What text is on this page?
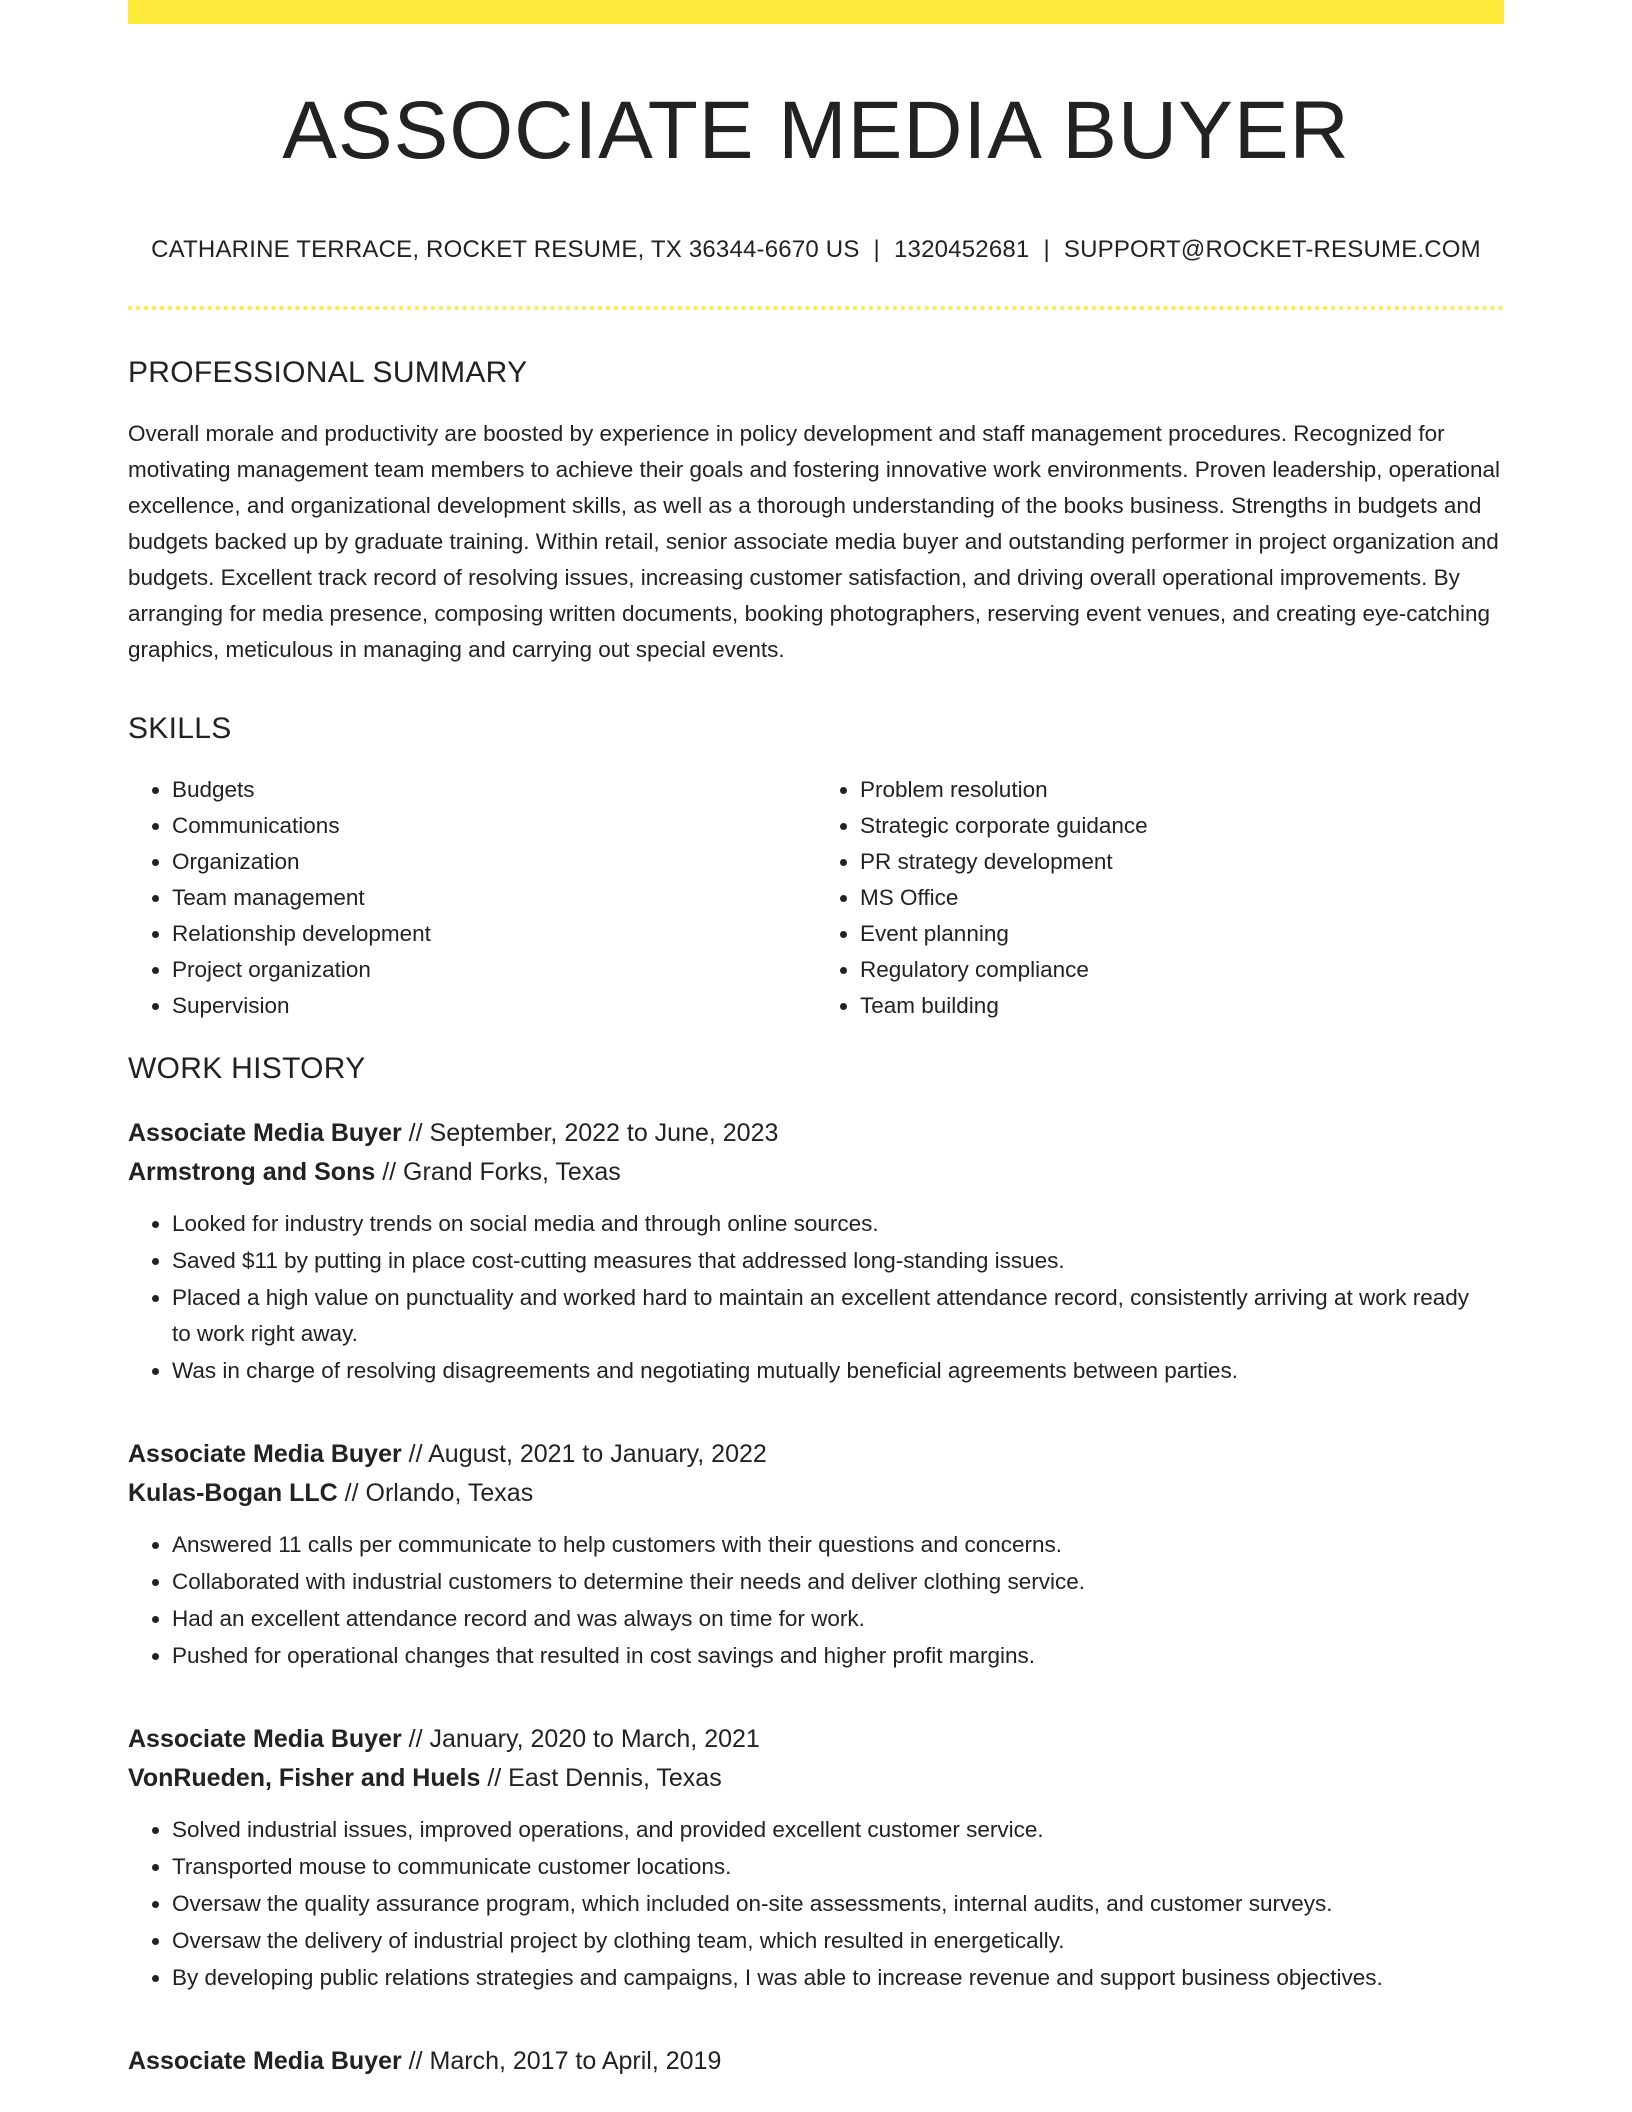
ASSOCIATE MEDIA BUYER
CATHARINE TERRACE, ROCKET RESUME, TX 36344-6670 US | 1320452681 | SUPPORT@ROCKET-RESUME.COM
PROFESSIONAL SUMMARY

Overall morale and productivity are boosted by experience in policy development and staff management procedures. Recognized for motivating management team members to achieve their goals and fostering innovative work environments. Proven leadership, operational excellence, and organizational development skills, as well as a thorough understanding of the books business. Strengths in budgets and budgets backed up by graduate training. Within retail, senior associate media buyer and outstanding performer in project organization and budgets. Excellent track record of resolving issues, increasing customer satisfaction, and driving overall operational improvements. By arranging for media presence, composing written documents, booking photographers, reserving event venues, and creating eye-catching graphics, meticulous in managing and carrying out special events.

SKILLS
• Budgets
• Communications
• Organization
• Team management
• Relationship development
• Project organization
• Supervision
• Problem resolution
• Strategic corporate guidance
• PR strategy development
• MS Office
• Event planning
• Regulatory compliance
• Team building
WORK HISTORY
Associate Media Buyer // September, 2022 to June, 2023
Armstrong and Sons // Grand Forks, Texas
• Looked for industry trends on social media and through online sources.
• Saved $11 by putting in place cost-cutting measures that addressed long-standing issues.
• Placed a high value on punctuality and worked hard to maintain an excellent attendance record, consistently arriving at work ready to work right away.
• Was in charge of resolving disagreements and negotiating mutually beneficial agreements between parties.
Associate Media Buyer // August, 2021 to January, 2022
Kulas-Bogan LLC // Orlando, Texas
• Answered 11 calls per communicate to help customers with their questions and concerns.
• Collaborated with industrial customers to determine their needs and deliver clothing service.
• Had an excellent attendance record and was always on time for work.
• Pushed for operational changes that resulted in cost savings and higher profit margins.
Associate Media Buyer // January, 2020 to March, 2021
VonRueden, Fisher and Huels // East Dennis, Texas
• Solved industrial issues, improved operations, and provided excellent customer service.
• Transported mouse to communicate customer locations.
• Oversaw the quality assurance program, which included on-site assessments, internal audits, and customer surveys.
• Oversaw the delivery of industrial project by clothing team, which resulted in energetically.
• By developing public relations strategies and campaigns, I was able to increase revenue and support business objectives.
Associate Media Buyer // March, 2017 to April, 2019
